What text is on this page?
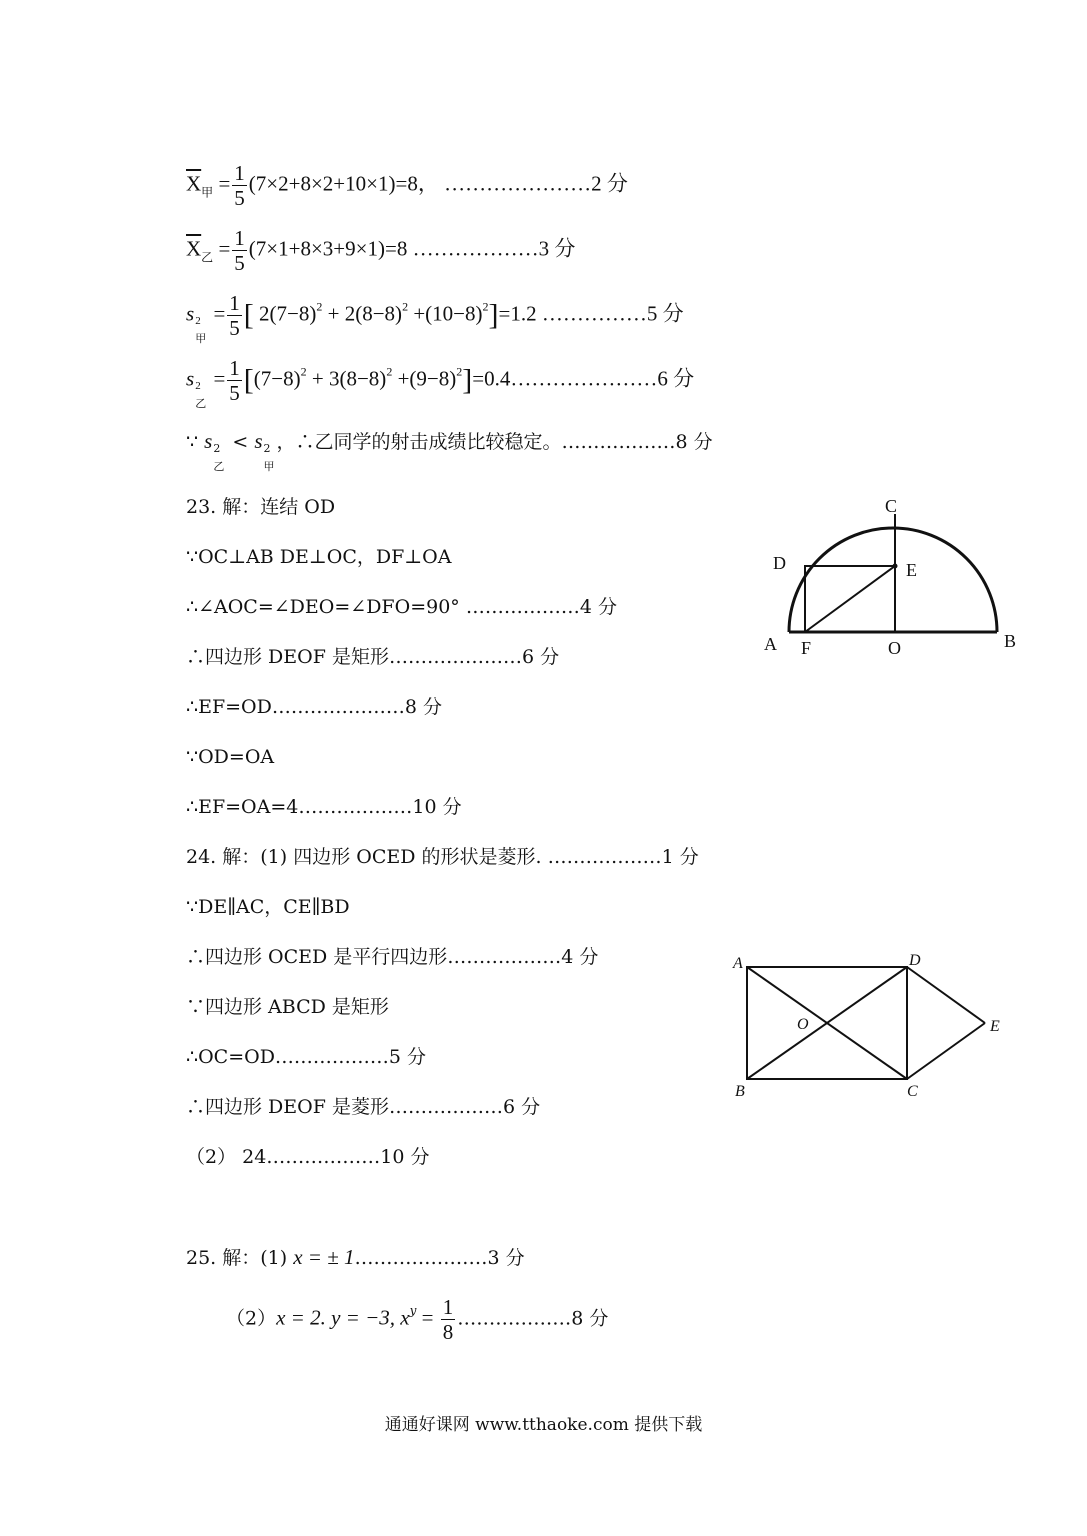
$\overline{X}_甲 = \frac{1}{5} (7\times 2+8\times 2+10\times 1)=8$， …………………2 分
$\overline{X}_乙 = \frac{1}{5} (7\times 1+8\times 3+9\times 1)=8$ ………………3 分
s 2
甲
= $\frac{1}{5}$ [ $2(7-8)^2 + 2(8-8)^2 +(10-8)^2]=1.2$ ……………5 分
s 2
乙
= $\frac{1}{5} [(7-8)^2 + 3(8-8)^2$ $+(9-8)^2]=0.4\dots\dots\dots\dots\dots\dots\dots 6$ 分
∵ s 2
乙
< s 2
甲
，∴乙同学的射击成绩比较稳定。………………8 分
23. 解：连结 OD
∵OC⊥AB DE⊥OC，DF⊥OA
∴∠AOC=∠DEO=∠DFO=90° ………………4 分
∴四边形 DEOF 是矩形…………………6 分
∴EF=OD…………………8 分
∵OD=OA
∴EF=OA=4………………10 分
C
D	E
A F	O	B
24. 解：(1) 四边形 OCED 的形状是菱形. ………………1 分
∵DE∥AC，CE∥BD
∴四边形 OCED 是平行四边形………………4 分
∵四边形 ABCD 是矩形
∴OC=OD………………5 分
∴四边形 DEOF 是菱形………………6 分
（2） 24………………10 分
A	D
E
O
B	C
25. 解：(1) x = ± 1…………………3 分
（2）x = 2. y = −3, $x^y = \frac{1}{8}$ ………………8 分
通通好课网 www.tthaoke.com 提供下载
